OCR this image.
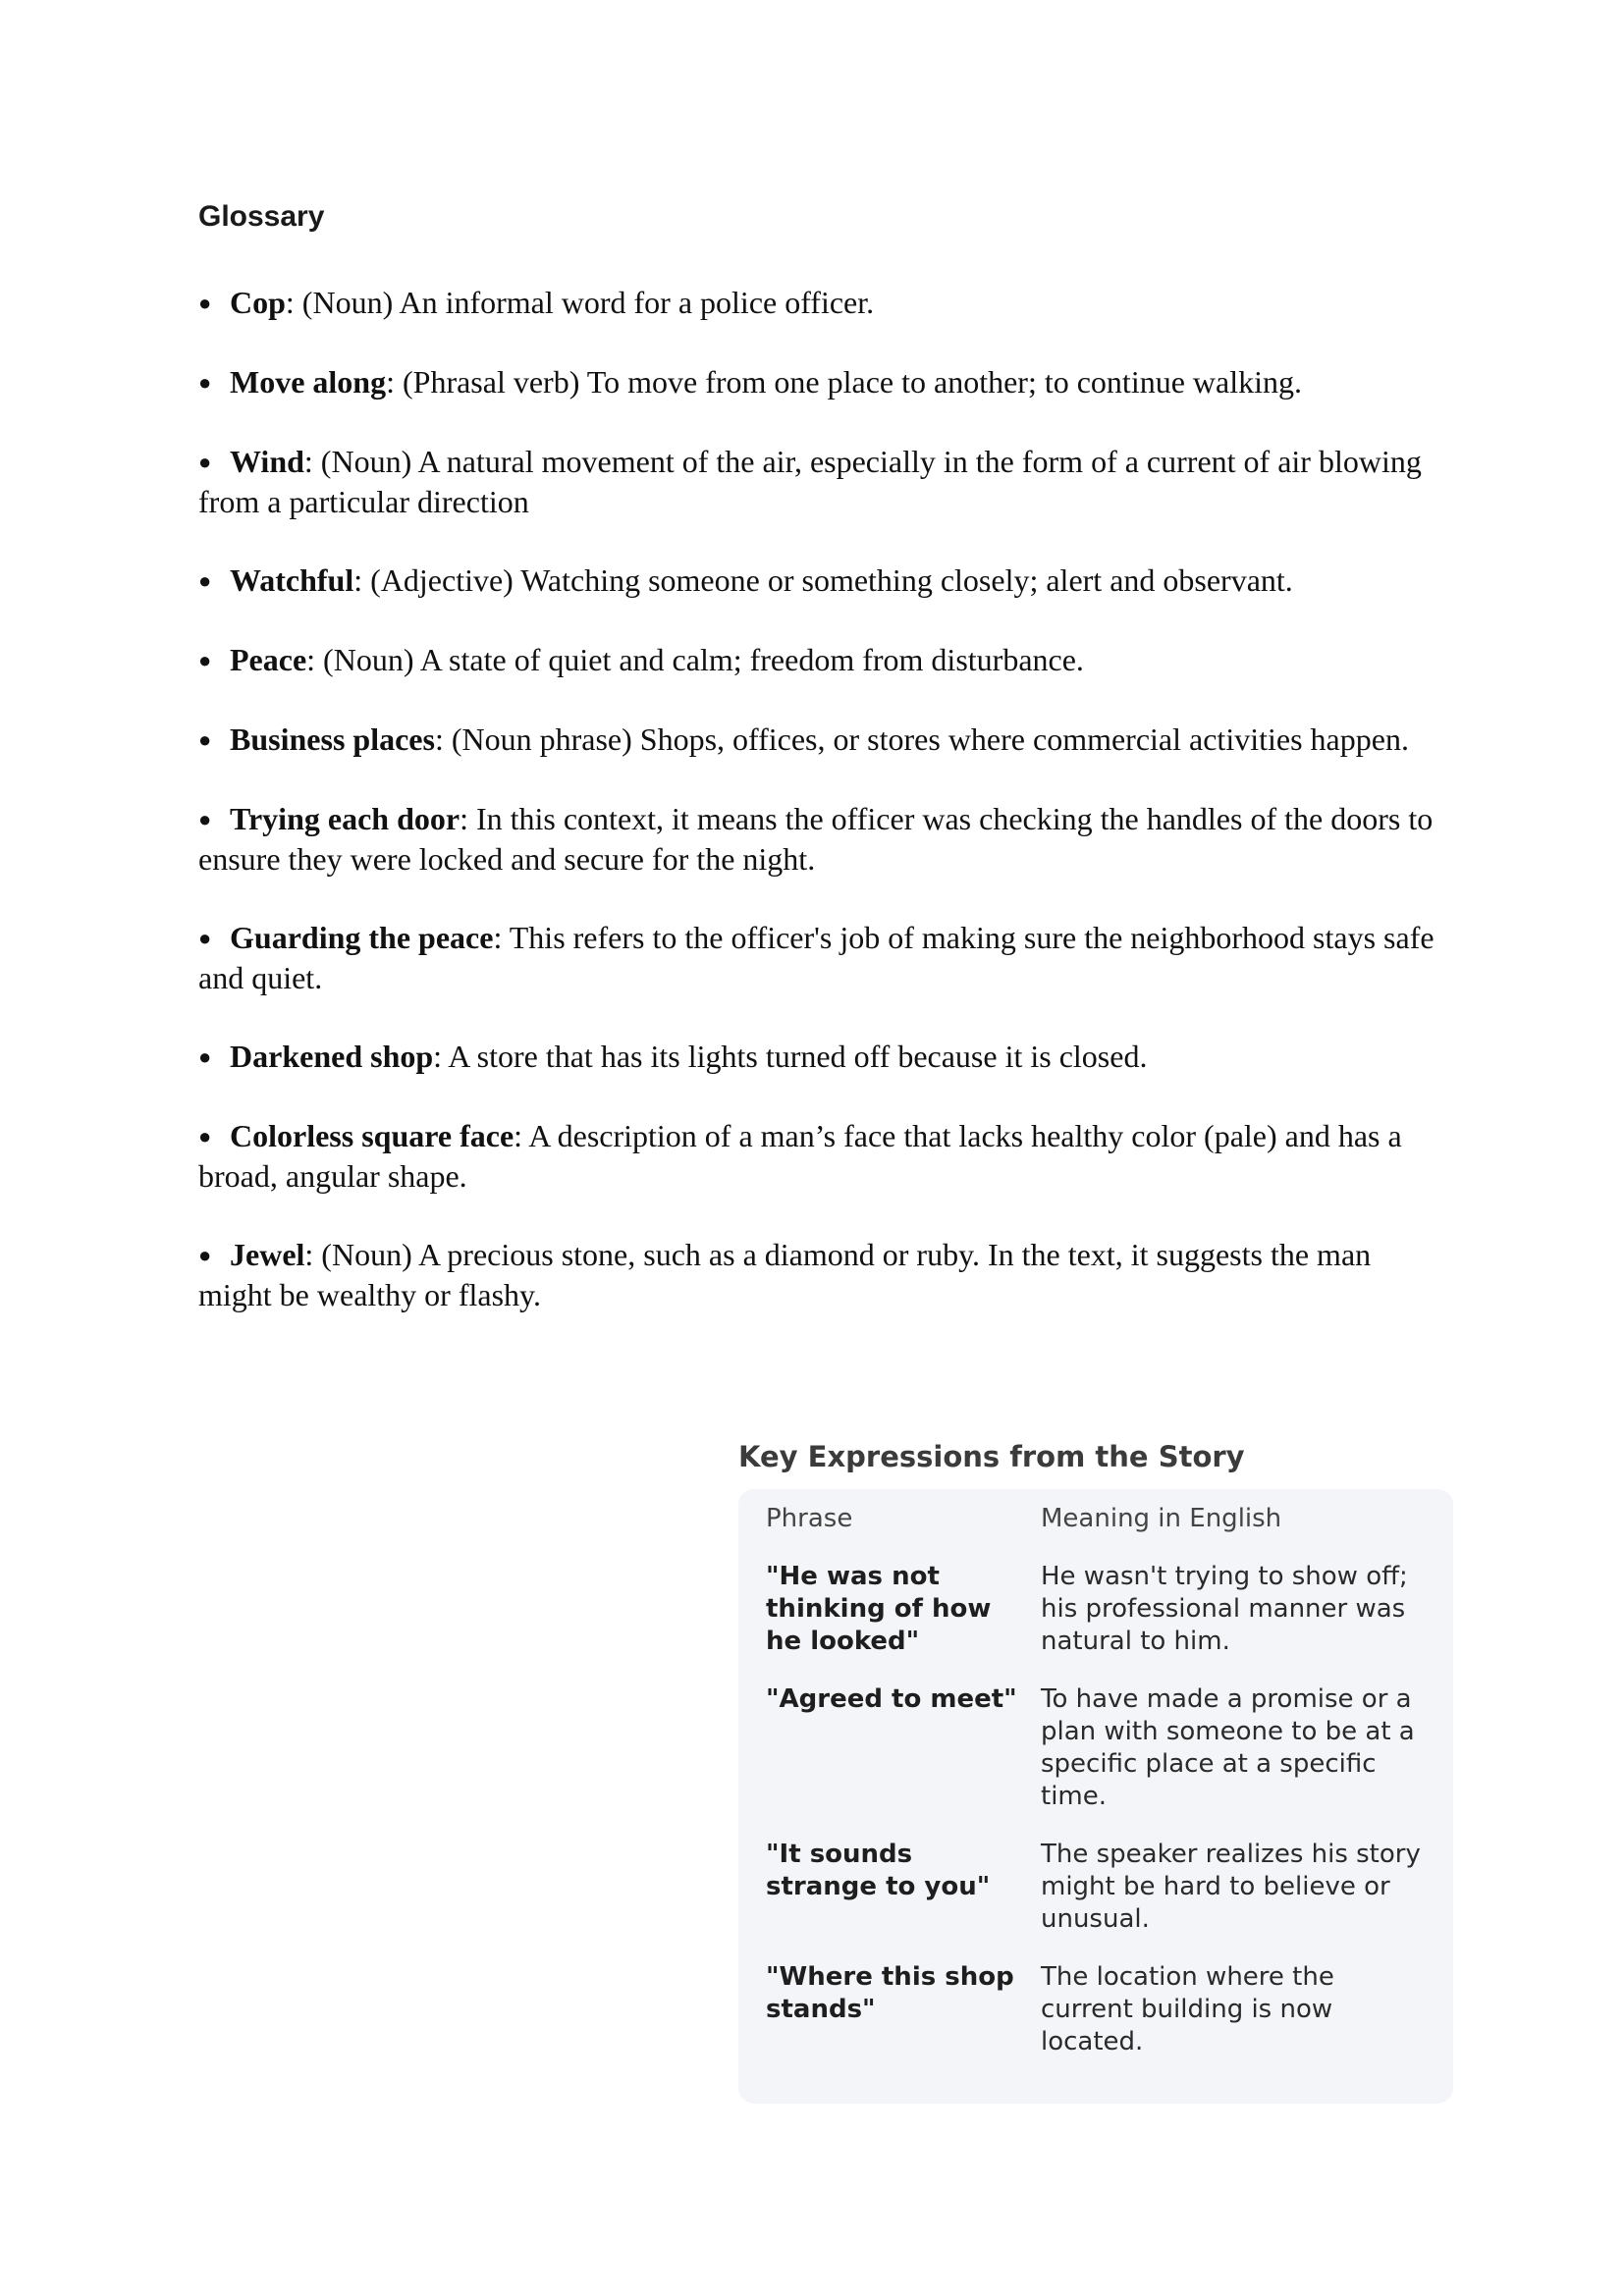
Glossary
● Cop: (Noun) An informal word for a police officer.
● Move along: (Phrasal verb) To move from one place to another; to continue walking.
● Wind: (Noun) A natural movement of the air, especially in the form of a current of air blowing from a particular direction
● Watchful: (Adjective) Watching someone or something closely; alert and observant.
● Peace: (Noun) A state of quiet and calm; freedom from disturbance.
● Business places: (Noun phrase) Shops, offices, or stores where commercial activities happen.
● Trying each door: In this context, it means the officer was checking the handles of the doors to ensure they were locked and secure for the night.
● Guarding the peace: This refers to the officer's job of making sure the neighborhood stays safe and quiet.
● Darkened shop: A store that has its lights turned off because it is closed.
● Colorless square face: A description of a man’s face that lacks healthy color (pale) and has a broad, angular shape.
● Jewel: (Noun) A precious stone, such as a diamond or ruby. In the text, it suggests the man might be wealthy or flashy.
Key Expressions from the Story
Phrase	Meaning in English
"He was not thinking of how he looked"
He wasn't trying to show off; his professional manner was natural to him.
"Agreed to meet" To have made a promise or a plan with someone to be at a specific place at a specific time.
"It sounds strange to you"
The speaker realizes his story might be hard to believe or unusual.
"Where this shop stands"
The location where the current building is now located.
